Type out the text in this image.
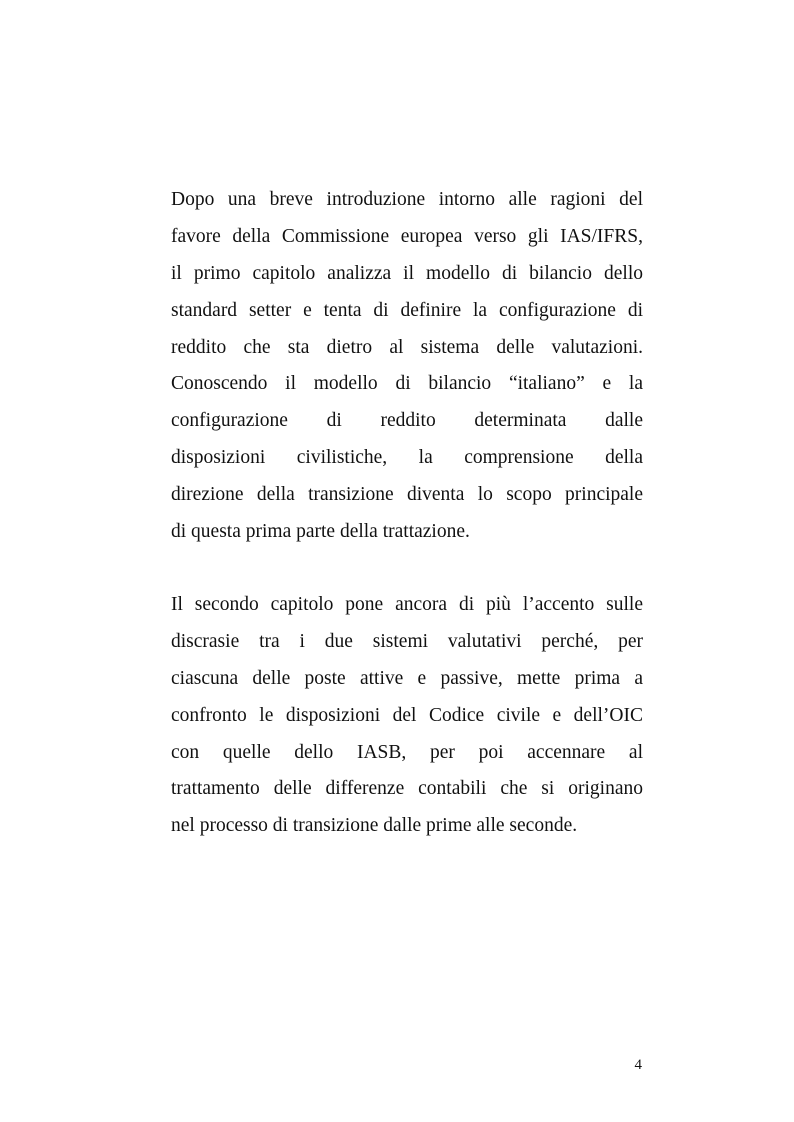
Dopo una breve introduzione intorno alle ragioni del
favore della Commissione europea verso gli IAS/IFRS,
il primo capitolo analizza il modello di bilancio dello
standard setter e tenta di definire la configurazione di
reddito che sta dietro al sistema delle valutazioni.
Conoscendo il modello di bilancio “italiano” e la
configurazione di reddito determinata dalle
disposizioni civilistiche, la comprensione della
direzione della transizione diventa lo scopo principale
di questa prima parte della trattazione.

Il secondo capitolo pone ancora di più l’accento sulle
discrasie tra i due sistemi valutativi perché, per
ciascuna delle poste attive e passive, mette prima a
confronto le disposizioni del Codice civile e dell’OIC
con quelle dello IASB, per poi accennare al
trattamento delle differenze contabili che si originano
nel processo di transizione dalle prime alle seconde.

4
